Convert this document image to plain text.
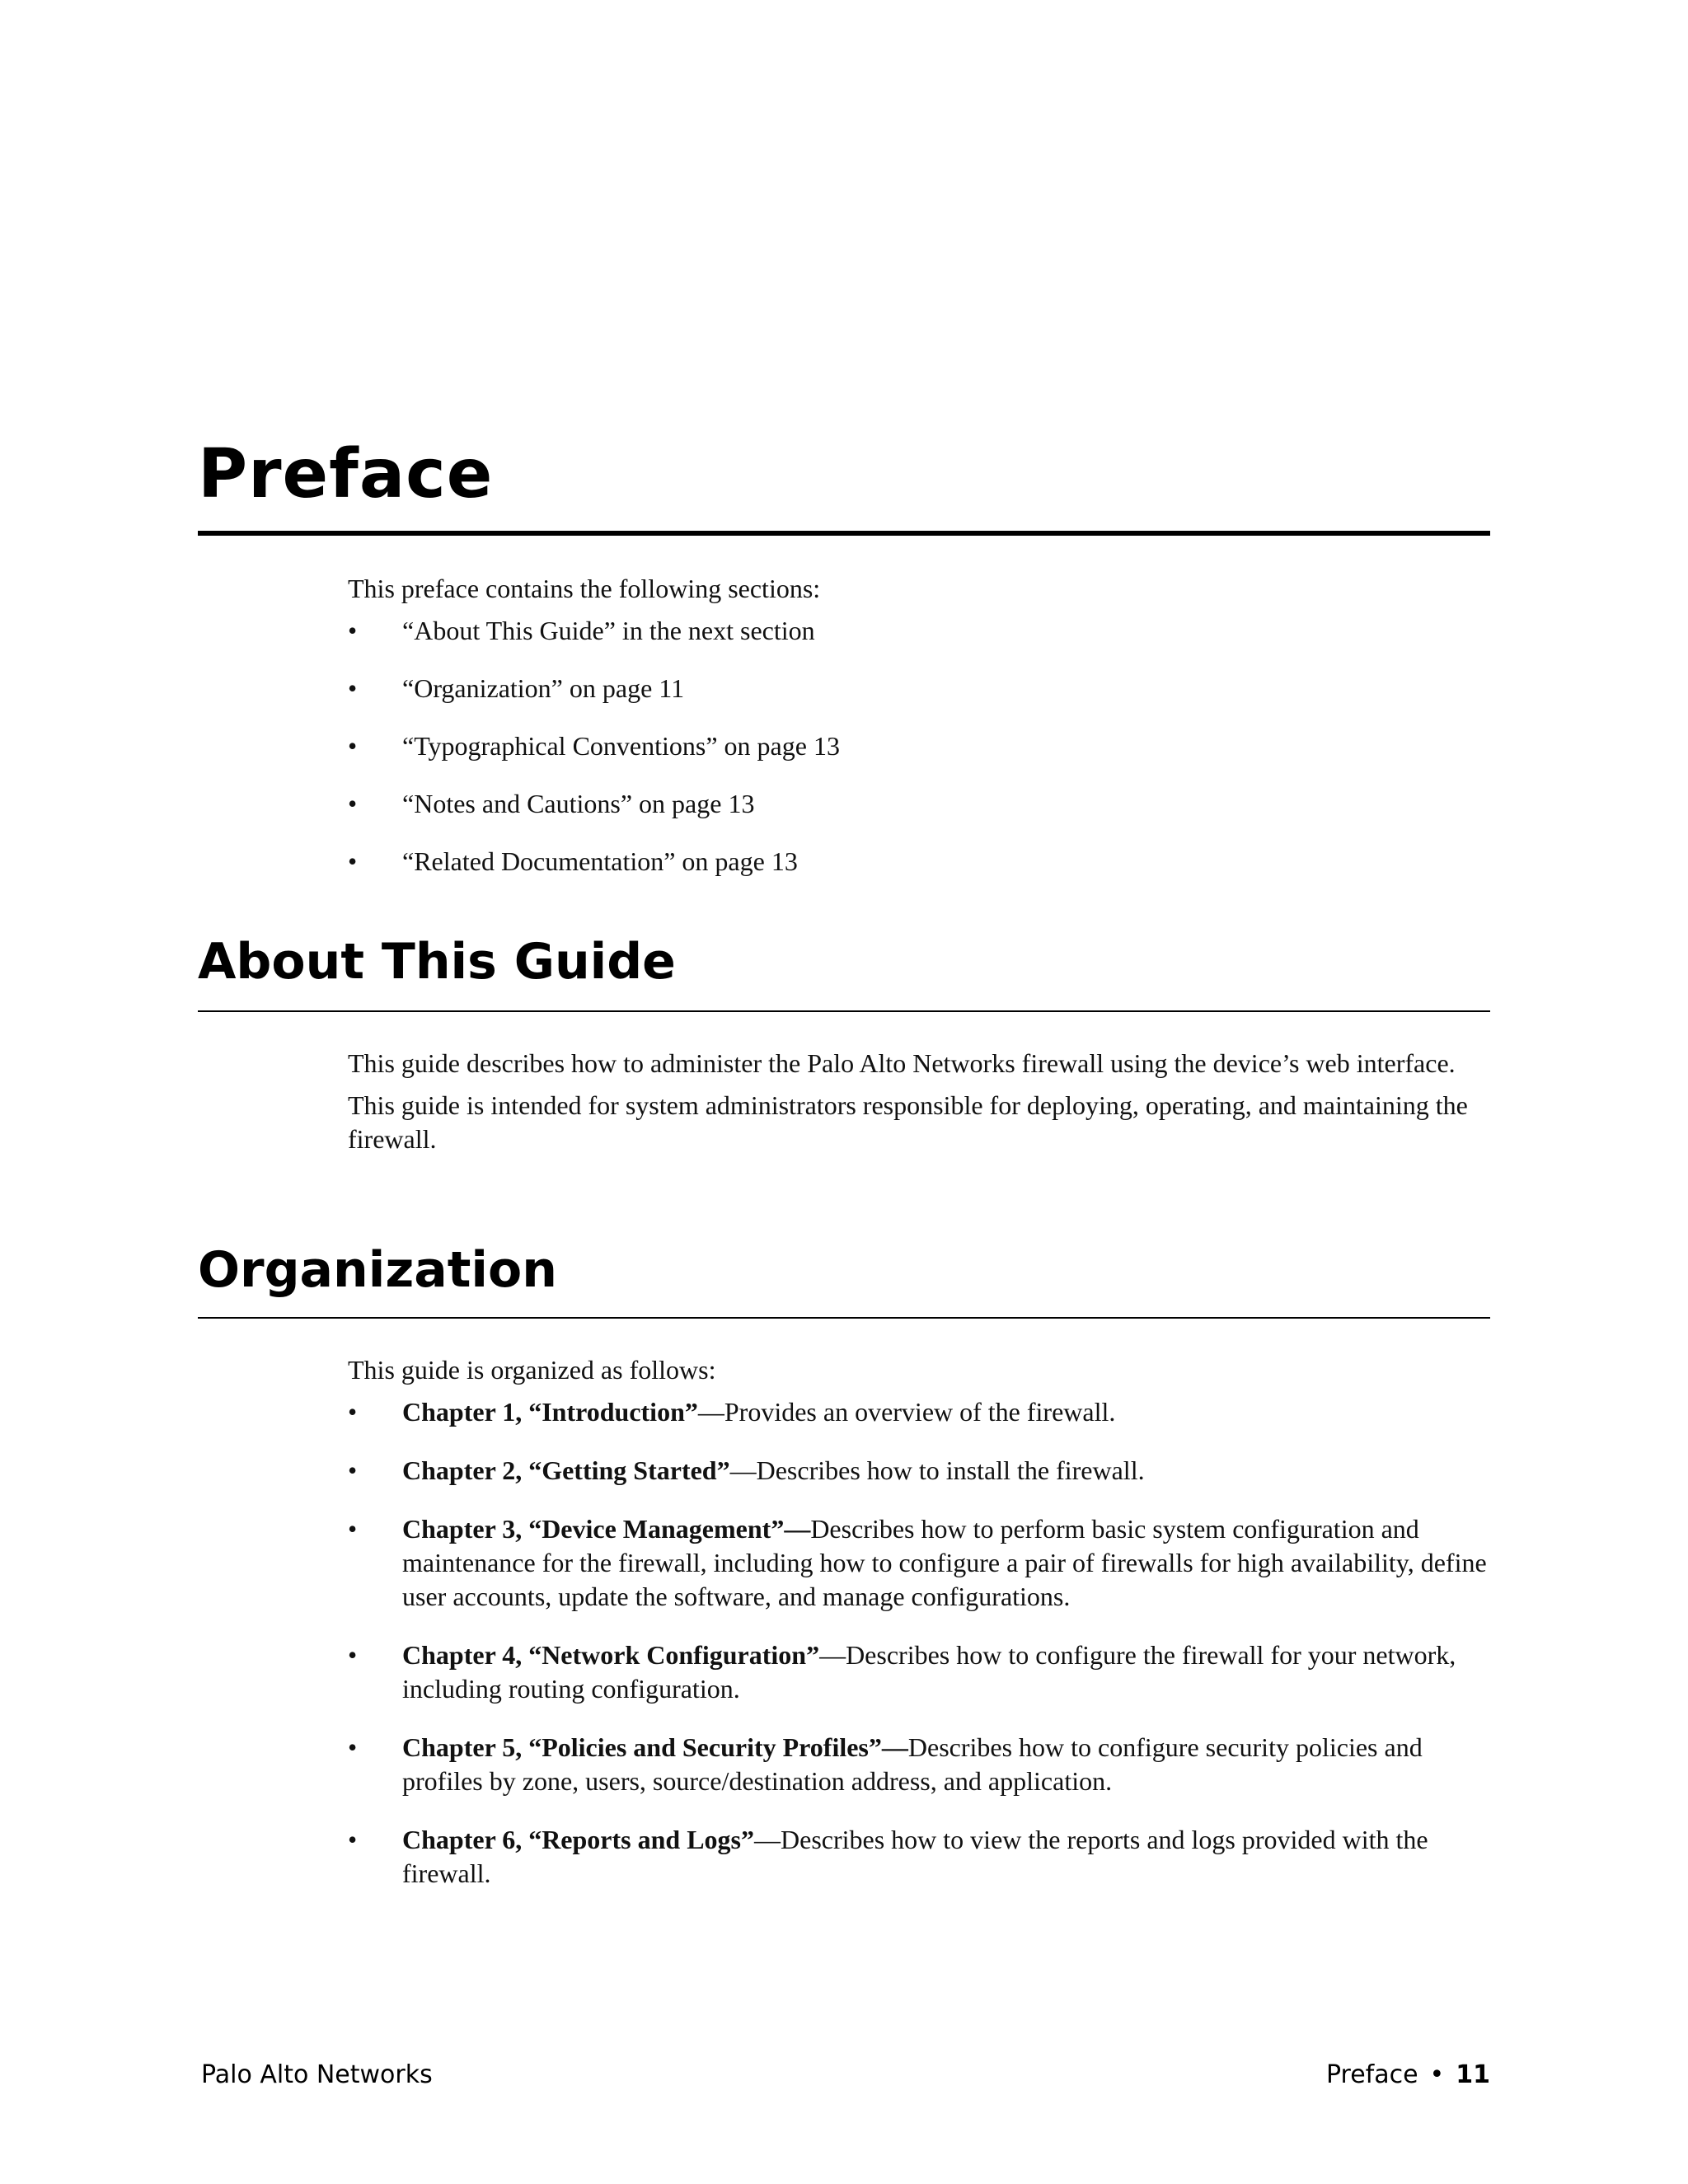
Preface

This preface contains the following sections:

•	“About This Guide” in the next section
•	“Organization” on page 11
•	“Typographical Conventions” on page 13
•	“Notes and Cautions” on page 13
•	“Related Documentation” on page 13
About This Guide

This guide describes how to administer the Palo Alto Networks firewall using the device’s web interface.

This guide is intended for system administrators responsible for deploying, operating, and maintaining the firewall.

Organization

This guide is organized as follows:

•	Chapter 1, “Introduction”—Provides an overview of the firewall.
•	Chapter 2, “Getting Started”—Describes how to install the firewall.
•	Chapter 3, “Device Management”—Describes how to perform basic system configuration and maintenance for the firewall, including how to configure a pair of firewalls for high availability, define user accounts, update the software, and manage configurations.
•	Chapter 4, “Network Configuration”—Describes how to configure the firewall for your network, including routing configuration.
•	Chapter 5, “Policies and Security Profiles”—Describes how to configure security policies and profiles by zone, users, source/destination address, and application.
•	Chapter 6, “Reports and Logs”—Describes how to view the reports and logs provided with the firewall.
Palo Alto Networks	Preface • 11
